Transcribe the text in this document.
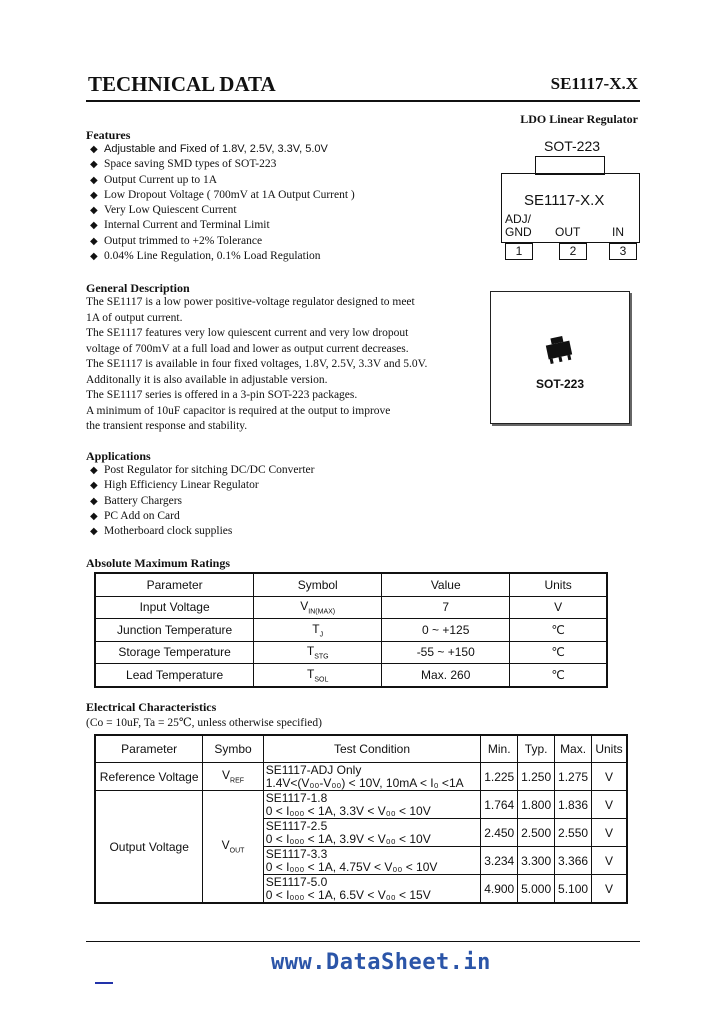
TECHNICAL DATA	SE1117-X.X
LDO Linear Regulator
Features
◆ Adjustable and Fixed of 1.8V, 2.5V, 3.3V, 5.0V
◆ Space saving SMD types of SOT-223
◆ Output Current up to 1A
◆ Low Dropout Voltage ( 700mV at 1A Output Current )
◆ Very Low Quiescent Current
◆ Internal Current and Terminal Limit
◆ Output trimmed to +2% Tolerance
◆ 0.04% Line Regulation, 0.1% Load Regulation
SOT-223
SE1117-X.X
ADJ/
GND OUT	IN
1	2	3
SOT-223
General Description
The SE1117 is a low power positive-voltage regulator designed to meet
1A of output current.
The SE1117 features very low quiescent current and very low dropout
voltage of 700mV at a full load and lower as output current decreases.
The SE1117 is available in four fixed voltages, 1.8V, 2.5V, 3.3V and 5.0V.
Additonally it is also available in adjustable version.
The SE1117 series is offered in a 3-pin SOT-223 packages.
A minimum of 10uF capacitor is required at the output to improve
the transient response and stability.
Applications
◆ Post Regulator for sitching DC/DC Converter
◆ High Efficiency Linear Regulator
◆ Battery Chargers
◆ PC Add on Card
◆ Motherboard clock supplies
Absolute Maximum Ratings
Parameter	Symbol	Value	Units
Input Voltage	$V_{IN(MAX)}$	7	V
Junction Temperature	$T_J$	0 ~ +125	℃
Storage Temperature	$T_{STG}$	-55 ~ +150	℃
Lead Temperature	$T_{SOL}$	Max. 260	℃
Electrical Characteristics
(Co = 10uF, Ta = 25℃, unless otherwise specified)
Parameter	Symbo	Test Condition	Min.	Typ.	Max.	Units
Reference Voltage	$V_{REF}$	SE1117-ADJ Only
1.4V<(V₀₀-V₀₀) < 10V, 10mA < I₀ <1A	1.225	1.250	1.275	V
Output Voltage	$V_{OUT}$	SE1117-1.8
0 < I₀₀₀ < 1A, 3.3V < V₀₀ < 10V	1.764	1.800	1.836	V

		SE1117-2.5
0 < I₀₀₀ < 1A, 3.9V < V₀₀ < 10V	2.450	2.500	2.550	V

		SE1117-3.3
0 < I₀₀₀ < 1A, 4.75V < V₀₀ < 10V	3.234	3.300	3.366	V

		SE1117-5.0
0 < I₀₀₀ < 1A, 6.5V < V₀₀ < 15V	4.900	5.000	5.100	V
www.DataSheet.in
